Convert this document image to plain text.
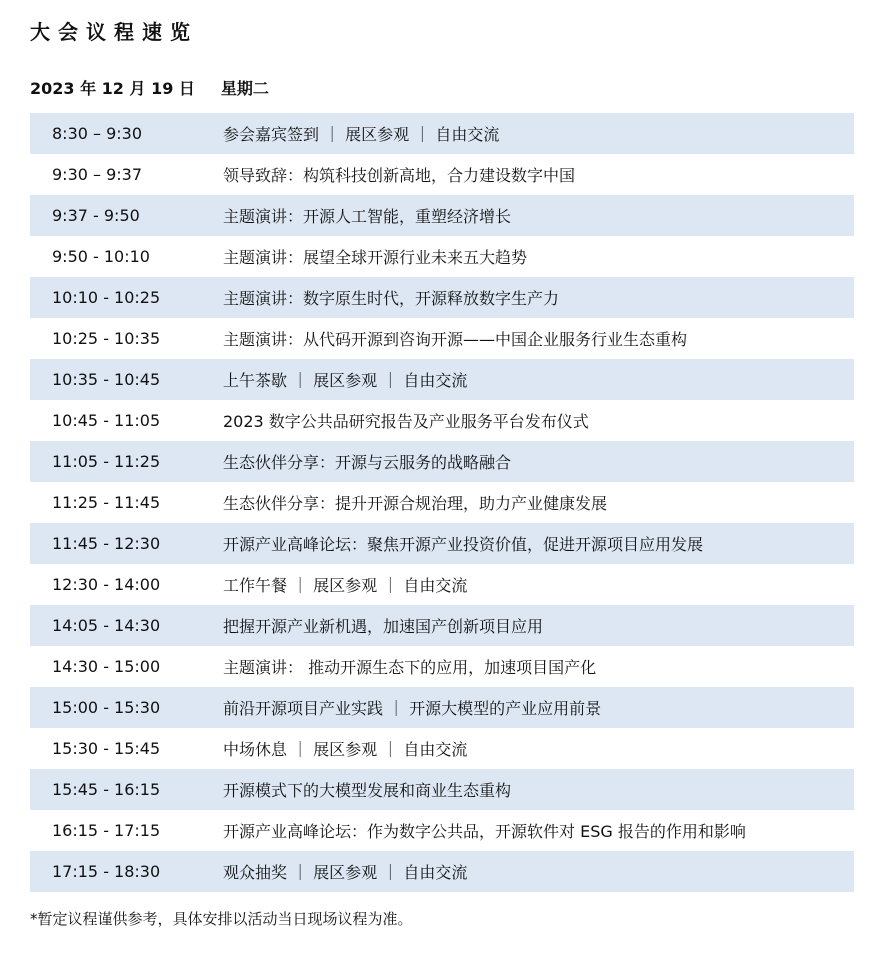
大会议程速览
2023 年 12 月 19 日 星期二
8:30 – 9:30	参会嘉宾签到 ｜ 展区参观 ｜ 自由交流
9:30 – 9:37	领导致辞：构筑科技创新高地，合力建设数字中国
9:37 - 9:50	主题演讲：开源人工智能，重塑经济增长
9:50 - 10:10	主题演讲：展望全球开源行业未来五大趋势
10:10 - 10:25	主题演讲：数字原生时代，开源释放数字生产力
10:25 - 10:35	主题演讲：从代码开源到咨询开源——中国企业服务行业生态重构
10:35 - 10:45	上午茶歇 ｜ 展区参观 ｜ 自由交流
10:45 - 11:05	2023 数字公共品研究报告及产业服务平台发布仪式
11:05 - 11:25	生态伙伴分享：开源与云服务的战略融合
11:25 - 11:45	生态伙伴分享：提升开源合规治理，助力产业健康发展
11:45 - 12:30	开源产业高峰论坛：聚焦开源产业投资价值，促进开源项目应用发展
12:30 - 14:00	工作午餐 ｜ 展区参观 ｜ 自由交流
14:05 - 14:30	把握开源产业新机遇，加速国产创新项目应用
14:30 - 15:00	主题演讲： 推动开源生态下的应用，加速项目国产化
15:00 - 15:30	前沿开源项目产业实践 ｜ 开源大模型的产业应用前景
15:30 - 15:45	中场休息 ｜ 展区参观 ｜ 自由交流
15:45 - 16:15	开源模式下的大模型发展和商业生态重构
16:15 - 17:15	开源产业高峰论坛：作为数字公共品，开源软件对 ESG 报告的作用和影响
17:15 - 18:30	观众抽奖 ｜ 展区参观 ｜ 自由交流
*暂定议程谨供参考，具体安排以活动当日现场议程为准。
